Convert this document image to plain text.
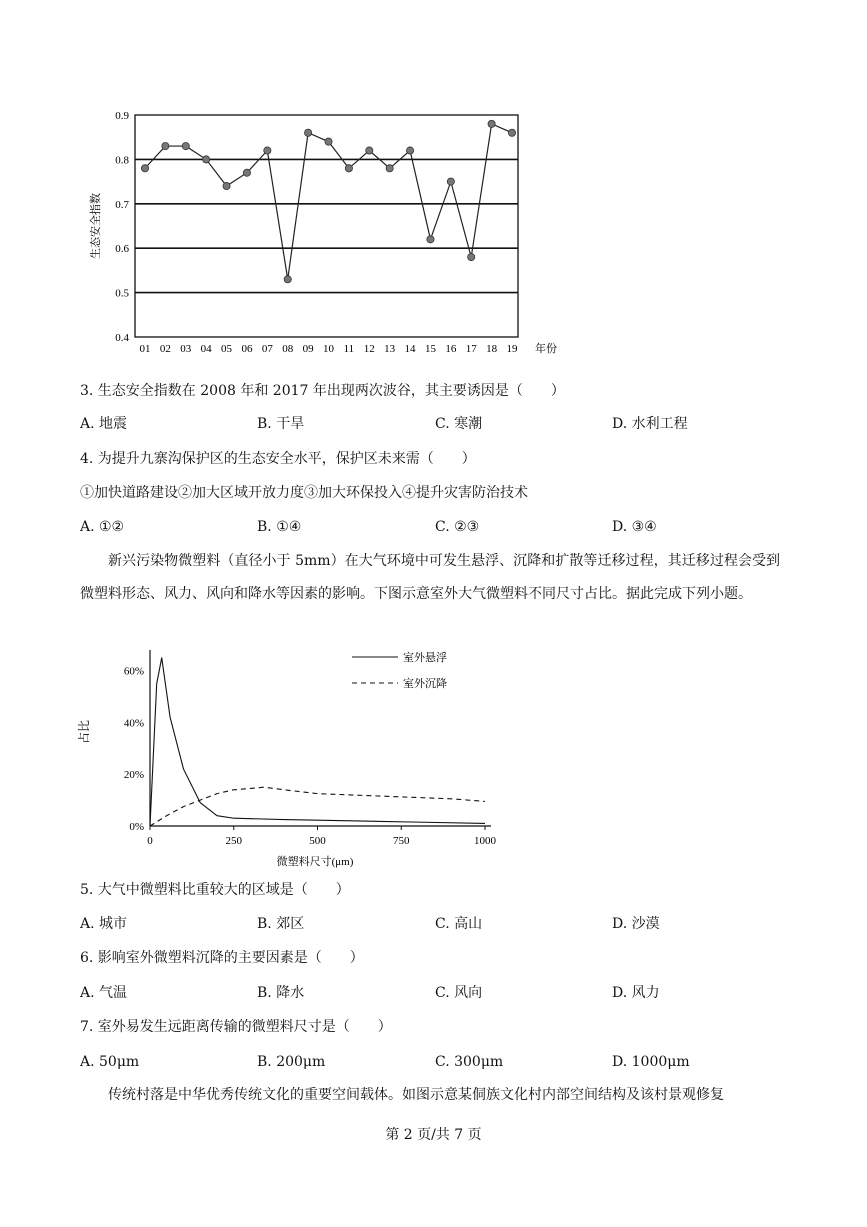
0.9
0.8
0.7
0.6
0.5
0.4
01 02 03 04 05 06 07 08 09 10 11 12 13 14 15 16 17 18 19
生态安全指数
年份
3. 生态安全指数在 2008 年和 2017 年出现两次波谷，其主要诱因是（　　）
A. 地震	B. 干旱	C. 寒潮	D. 水利工程
4. 为提升九寨沟保护区的生态安全水平，保护区未来需（　　）
①加快道路建设②加大区域开放力度③加大环保投入④提升灾害防治技术
A. ①②	B. ①④	C. ②③	D. ③④
新兴污染物微塑料（直径小于 5mm）在大气环境中可发生悬浮、沉降和扩散等迁移过程，其迁移过程会受到微塑料形态、风力、风向和降水等因素的影响。下图示意室外大气微塑料不同尺寸占比。据此完成下列小题。
60%
40%
20%
0%
0	250	500	750	1000
室外悬浮
室外沉降
占比
微塑料尺寸(μm)
5. 大气中微塑料比重较大的区域是（　　）
A. 城市	B. 郊区	C. 高山	D. 沙漠
6. 影响室外微塑料沉降的主要因素是（　　）
A. 气温	B. 降水	C. 风向	D. 风力
7. 室外易发生远距离传输的微塑料尺寸是（　　）
A. 50μm	B. 200μm	C. 300μm	D. 1000μm
传统村落是中华优秀传统文化的重要空间载体。如图示意某侗族文化村内部空间结构及该村景观修复
第 2 页/共 7 页
